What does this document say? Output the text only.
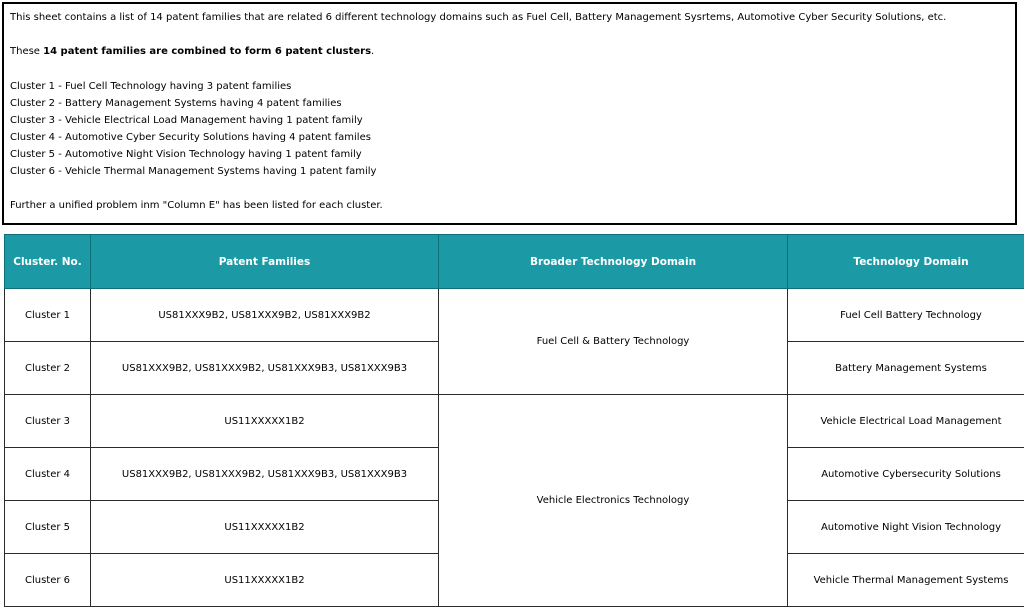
This sheet contains a list of 14 patent families that are related 6 different technology domains such as Fuel Cell, Battery Management Sysrtems, Automotive Cyber Security Solutions, etc.
These 14 patent families are combined to form 6 patent clusters.
Cluster 1 - Fuel Cell Technology having 3 patent families
Cluster 2 - Battery Management Systems having 4 patent families
Cluster 3 - Vehicle Electrical Load Management having 1 patent family
Cluster 4 - Automotive Cyber Security Solutions having 4 patent familes
Cluster 5 - Automotive Night Vision Technology having 1 patent family
Cluster 6 - Vehicle Thermal Management Systems having 1 patent family
Further a unified problem inm "Column E" has been listed for each cluster.
Cluster. No.	Patent Families	Broader Technology Domain	Technology Domain
Cluster 1	US81XXX9B2, US81XXX9B2, US81XXX9B2	Fuel Cell & Battery Technology	Fuel Cell Battery Technology
Cluster 2	US81XXX9B2, US81XXX9B2, US81XXX9B3, US81XXX9B3		Battery Management Systems
Cluster 3	US11XXXXX1B2	Vehicle Electronics Technology	Vehicle Electrical Load Management
Cluster 4	US81XXX9B2, US81XXX9B2, US81XXX9B3, US81XXX9B3		Automotive Cybersecurity Solutions
Cluster 5	US11XXXXX1B2		Automotive Night Vision Technology
Cluster 6	US11XXXXX1B2		Vehicle Thermal Management Systems
